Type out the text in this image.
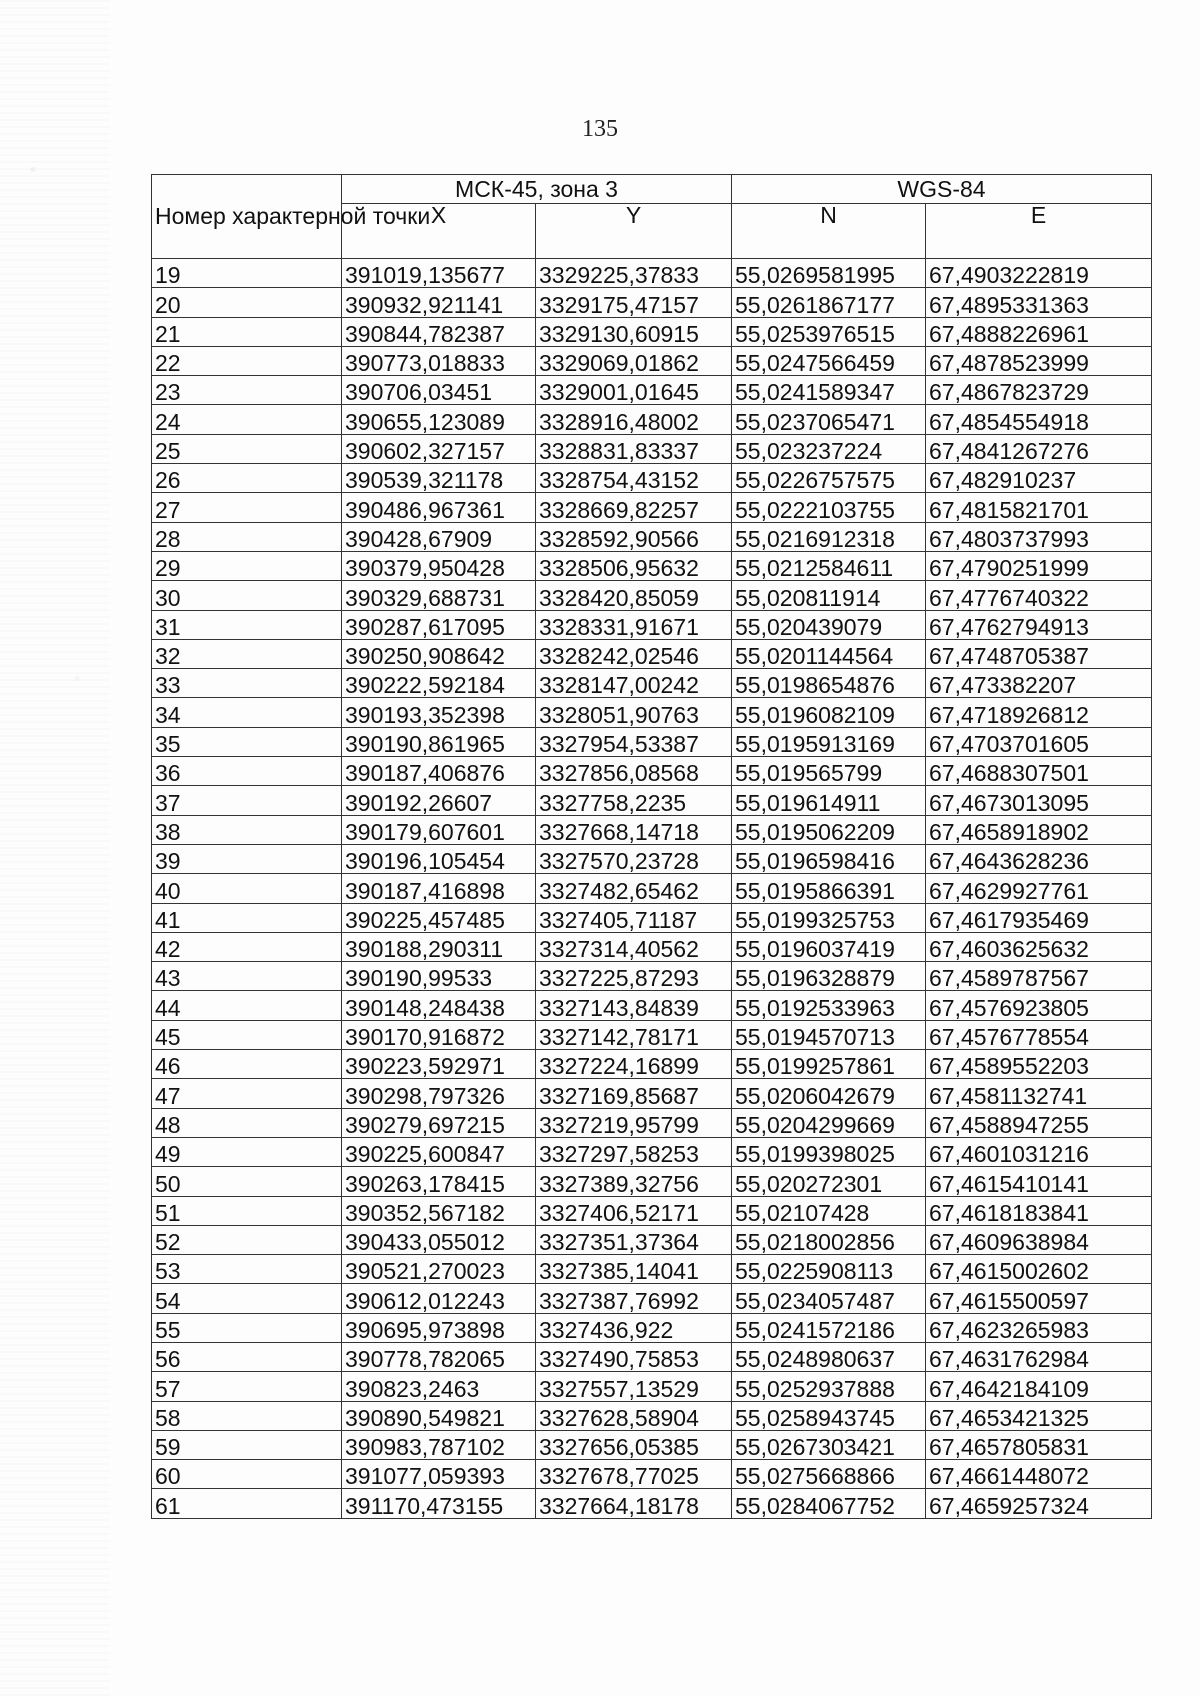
135
Номер характерной точки	МСК-45, зона 3		WGS-84	
	X	Y	N	E
19	391019,135677	3329225,37833	55,0269581995	67,4903222819
20	390932,921141	3329175,47157	55,0261867177	67,4895331363
21	390844,782387	3329130,60915	55,0253976515	67,4888226961
22	390773,018833	3329069,01862	55,0247566459	67,4878523999
23	390706,03451	3329001,01645	55,0241589347	67,4867823729
24	390655,123089	3328916,48002	55,0237065471	67,4854554918
25	390602,327157	3328831,83337	55,023237224	67,4841267276
26	390539,321178	3328754,43152	55,0226757575	67,482910237
27	390486,967361	3328669,82257	55,0222103755	67,4815821701
28	390428,67909	3328592,90566	55,0216912318	67,4803737993
29	390379,950428	3328506,95632	55,0212584611	67,4790251999
30	390329,688731	3328420,85059	55,020811914	67,4776740322
31	390287,617095	3328331,91671	55,020439079	67,4762794913
32	390250,908642	3328242,02546	55,0201144564	67,4748705387
33	390222,592184	3328147,00242	55,0198654876	67,473382207
34	390193,352398	3328051,90763	55,0196082109	67,4718926812
35	390190,861965	3327954,53387	55,0195913169	67,4703701605
36	390187,406876	3327856,08568	55,019565799	67,4688307501
37	390192,26607	3327758,2235	55,019614911	67,4673013095
38	390179,607601	3327668,14718	55,0195062209	67,4658918902
39	390196,105454	3327570,23728	55,0196598416	67,4643628236
40	390187,416898	3327482,65462	55,0195866391	67,4629927761
41	390225,457485	3327405,71187	55,0199325753	67,4617935469
42	390188,290311	3327314,40562	55,0196037419	67,4603625632
43	390190,99533	3327225,87293	55,0196328879	67,4589787567
44	390148,248438	3327143,84839	55,0192533963	67,4576923805
45	390170,916872	3327142,78171	55,0194570713	67,4576778554
46	390223,592971	3327224,16899	55,0199257861	67,4589552203
47	390298,797326	3327169,85687	55,0206042679	67,4581132741
48	390279,697215	3327219,95799	55,0204299669	67,4588947255
49	390225,600847	3327297,58253	55,0199398025	67,4601031216
50	390263,178415	3327389,32756	55,020272301	67,4615410141
51	390352,567182	3327406,52171	55,02107428	67,4618183841
52	390433,055012	3327351,37364	55,0218002856	67,4609638984
53	390521,270023	3327385,14041	55,0225908113	67,4615002602
54	390612,012243	3327387,76992	55,0234057487	67,4615500597
55	390695,973898	3327436,922	55,0241572186	67,4623265983
56	390778,782065	3327490,75853	55,0248980637	67,4631762984
57	390823,2463	3327557,13529	55,0252937888	67,4642184109
58	390890,549821	3327628,58904	55,0258943745	67,4653421325
59	390983,787102	3327656,05385	55,0267303421	67,4657805831
60	391077,059393	3327678,77025	55,0275668866	67,4661448072
61	391170,473155	3327664,18178	55,0284067752	67,4659257324
